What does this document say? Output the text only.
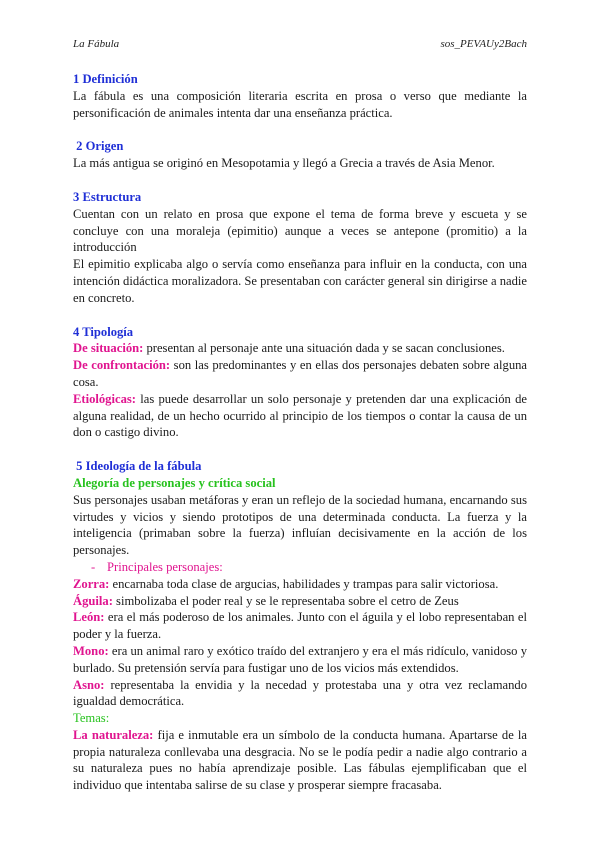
La Fábula	sos_PEVAUy2Bach
1 Definición

La fábula es una composición literaria escrita en prosa o verso que mediante la personificación de animales intenta dar una enseñanza práctica.

2 Origen

La más antigua se originó en Mesopotamia y llegó a Grecia a través de Asia Menor.

3 Estructura

Cuentan con un relato en prosa que expone el tema de forma breve y escueta y se concluye con una moraleja (epimitio) aunque a veces se antepone (promitio) a la introducción

El epimitio explicaba algo o servía como enseñanza para influir en la conducta, con una intención didáctica moralizadora. Se presentaban con carácter general sin dirigirse a nadie en concreto.

4 Tipología

De situación: presentan al personaje ante una situación dada y se sacan conclusiones.

De confrontación: son las predominantes y en ellas dos personajes debaten sobre alguna cosa.

Etiológicas: las puede desarrollar un solo personaje y pretenden dar una explicación de alguna realidad, de un hecho ocurrido al principio de los tiempos o contar la causa de un don o castigo divino.

5 Ideología de la fábula
Alegoría de personajes y crítica social

Sus personajes usaban metáforas y eran un reflejo de la sociedad humana, encarnando sus virtudes y vicios y siendo prototipos de una determinada conducta. La fuerza y la inteligencia (primaban sobre la fuerza) influían decisivamente en la acción de los personajes.

- Principales personajes:

Zorra: encarnaba toda clase de argucias, habilidades y trampas para salir victoriosa.

Águila: simbolizaba el poder real y se le representaba sobre el cetro de Zeus

León: era el más poderoso de los animales. Junto con el águila y el lobo representaban el poder y la fuerza.

Mono: era un animal raro y exótico traído del extranjero y era el más ridículo, vanidoso y burlado. Su pretensión servía para fustigar uno de los vicios más extendidos.

Asno: representaba la envidia y la necedad y protestaba una y otra vez reclamando igualdad democrática.

Temas:

La naturaleza: fija e inmutable era un símbolo de la conducta humana. Apartarse de la propia naturaleza conllevaba una desgracia. No se le podía pedir a nadie algo contrario a su naturaleza pues no había aprendizaje posible. Las fábulas ejemplificaban que el individuo que intentaba salirse de su clase y prosperar siempre fracasaba.
